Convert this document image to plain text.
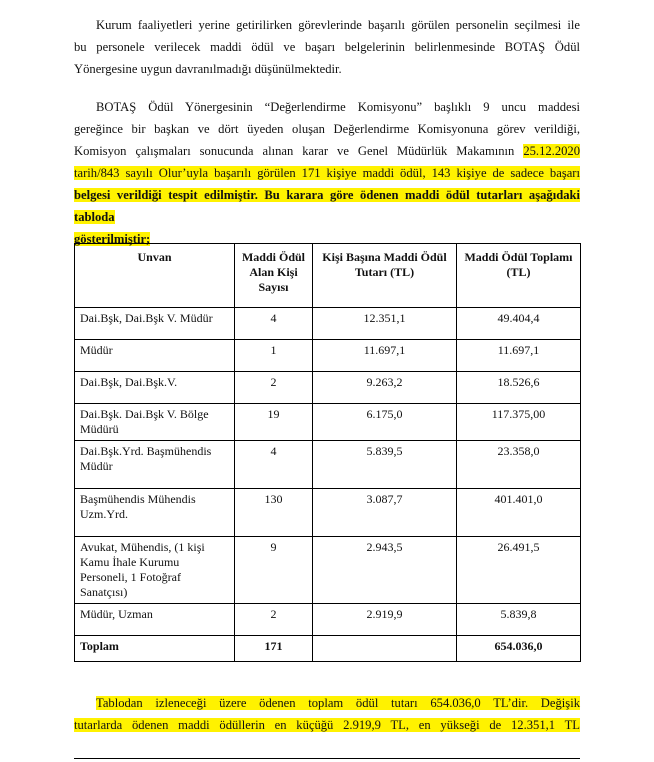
Kurum faaliyetleri yerine getirilirken görevlerinde başarılı görülen personelin seçilmesi ile
bu personele verilecek maddi ödül ve başarı belgelerinin belirlenmesinde BOTAŞ Ödül
Yönergesine uygun davranılmadığı düşünülmektedir.
BOTAŞ Ödül Yönergesinin “Değerlendirme Komisyonu” başlıklı 9 uncu maddesi
gereğince bir başkan ve dört üyeden oluşan Değerlendirme Komisyonuna görev verildiği,
Komisyon çalışmaları sonucunda alınan karar ve Genel Müdürlük Makamının 25.12.2020
tarih/843 sayılı Olur’uyla başarılı görülen 171 kişiye maddi ödül, 143 kişiye de sadece başarı
belgesi verildiği tespit edilmiştir. Bu karara göre ödenen maddi ödül tutarları aşağıdaki tabloda
gösterilmiştir;
Unvan	Maddi Ödül Alan Kişi Sayısı	Kişi Başına Maddi Ödül Tutarı (TL)	Maddi Ödül Toplamı (TL)
Dai.Bşk, Dai.Bşk V. Müdür	4	12.351,1	49.404,4
Müdür	1	11.697,1	11.697,1
Dai.Bşk, Dai.Bşk.V.	2	9.263,2	18.526,6
Dai.Bşk. Dai.Bşk V. Bölge Müdürü	19	6.175,0	117.375,00
Dai.Bşk.Yrd. Başmühendis Müdür	4	5.839,5	23.358,0
Başmühendis Mühendis Uzm.Yrd.	130	3.087,7	401.401,0
Avukat, Mühendis, (1 kişi Kamu İhale Kurumu Personeli, 1 Fotoğraf Sanatçısı)	9	2.943,5	26.491,5
Müdür, Uzman	2	2.919,9	5.839,8
Toplam	171		654.036,0
Tablodan izleneceği üzere ödenen toplam ödül tutarı 654.036,0 TL’dir. Değişik
tutarlarda ödenen maddi ödüllerin en küçüğü 2.919,9 TL, en yükseği de 12.351,1 TL
